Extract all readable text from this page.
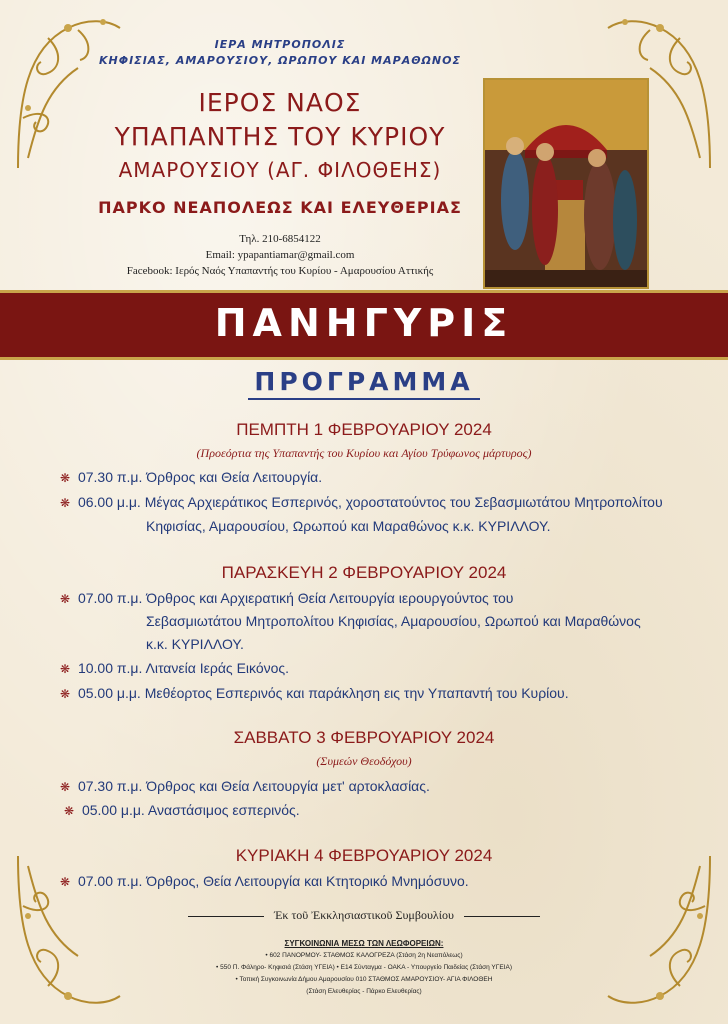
ΙΕΡΑ ΜΗΤΡΟΠΟΛΙΣ
ΚΗΦΙΣΙΑΣ, ΑΜΑΡΟΥΣΙΟΥ, ΩΡΩΠΟΥ ΚΑΙ ΜΑΡΑΘΩΝΟΣ
ΙΕΡΟΣ ΝΑΟΣ
ΥΠΑΠΑΝΤΗΣ ΤΟΥ ΚΥΡΙΟΥ
ΑΜΑΡΟΥΣΙΟΥ (ΑΓ. ΦΙΛΟΘΕΗΣ)
ΠΑΡΚΟ ΝΕΑΠΟΛΕΩΣ ΚΑΙ ΕΛΕΥΘΕΡΙΑΣ
Τηλ. 210-6854122
Email: ypapantiamar@gmail.com
Facebook: Ιερός Ναός Υπαπαντής του Κυρίου - Αμαρουσίου Αττικής
ΠΑΝΗΓΥΡΙΣ
ΠΡΟΓΡΑΜΜΑ
ΠΕΜΠΤΗ 1 ΦΕΒΡΟΥΑΡΙΟΥ 2024
(Προεόρτια της Υπαπαντής του Κυρίου και Αγίου Τρύφωνος μάρτυρος)
❋ 07.30 π.μ. Όρθρος και Θεία Λειτουργία.
❋ 06.00 μ.μ. Μέγας Αρχιεράτικος Εσπερινός, χοροστατούντος του Σεβασμιωτάτου Μητροπολίτου
Κηφισίας, Αμαρουσίου, Ωρωπού και Μαραθώνος κ.κ. ΚΥΡΙΛΛΟΥ.
ΠΑΡΑΣΚΕΥΗ 2 ΦΕΒΡΟΥΑΡΙΟΥ 2024
❋ 07.00 π.μ. Όρθρος και Αρχιερατική Θεία Λειτουργία ιερουργούντος του
Σεβασμιωτάτου Μητροπολίτου Κηφισίας, Αμαρουσίου, Ωρωπού και Μαραθώνος
κ.κ. ΚΥΡΙΛΛΟΥ.
❋ 10.00 π.μ. Λιτανεία Ιεράς Εικόνος.
❋ 05.00 μ.μ. Μεθέορτος Εσπερινός και παράκληση εις την Υπαπαντή του Κυρίου.
ΣΑΒΒΑΤΟ 3 ΦΕΒΡΟΥΑΡΙΟΥ 2024
(Συμεών Θεοδόχου)
❋ 07.30 π.μ. Όρθρος και Θεία Λειτουργία μετ' αρτοκλασίας.
❋ 05.00 μ.μ. Αναστάσιμος εσπερινός.
ΚΥΡΙΑΚΗ 4 ΦΕΒΡΟΥΑΡΙΟΥ 2024
❋ 07.00 π.μ. Όρθρος, Θεία Λειτουργία και Κτητορικό Μνημόσυνο.
Έκ τοῦ Ἐκκλησιαστικοῦ Συμβουλίου
ΣΥΓΚΟΙΝΩΝΙΑ ΜΕΣΩ ΤΩΝ ΛΕΩΦΟΡΕΙΩΝ:
• 602 ΠΑΝΟΡΜΟΥ- ΣΤΑΘΜΟΣ ΚΑΛΟΓΡΕΖΑ (Στάση 2η Νεαπόλεως)
• 550 Π. Φάληρο- Κηφισιά (Στάση ΥΓΕΙΑ) • Ε14 Σύνταγμα - ΟΑΚΑ - Υπουργείο Παιδείας (Στάση ΥΓΕΙΑ)
• Τοπική Συγκοινωνία Δήμου Αμαρουσίου 010 ΣΤΑΘΜΟΣ ΑΜΑΡΟΥΣΙΟΥ- ΑΓΙΑ ΦΙΛΟΘΕΗ
(Στάση Ελευθερίας - Πάρκο Ελευθερίας)
